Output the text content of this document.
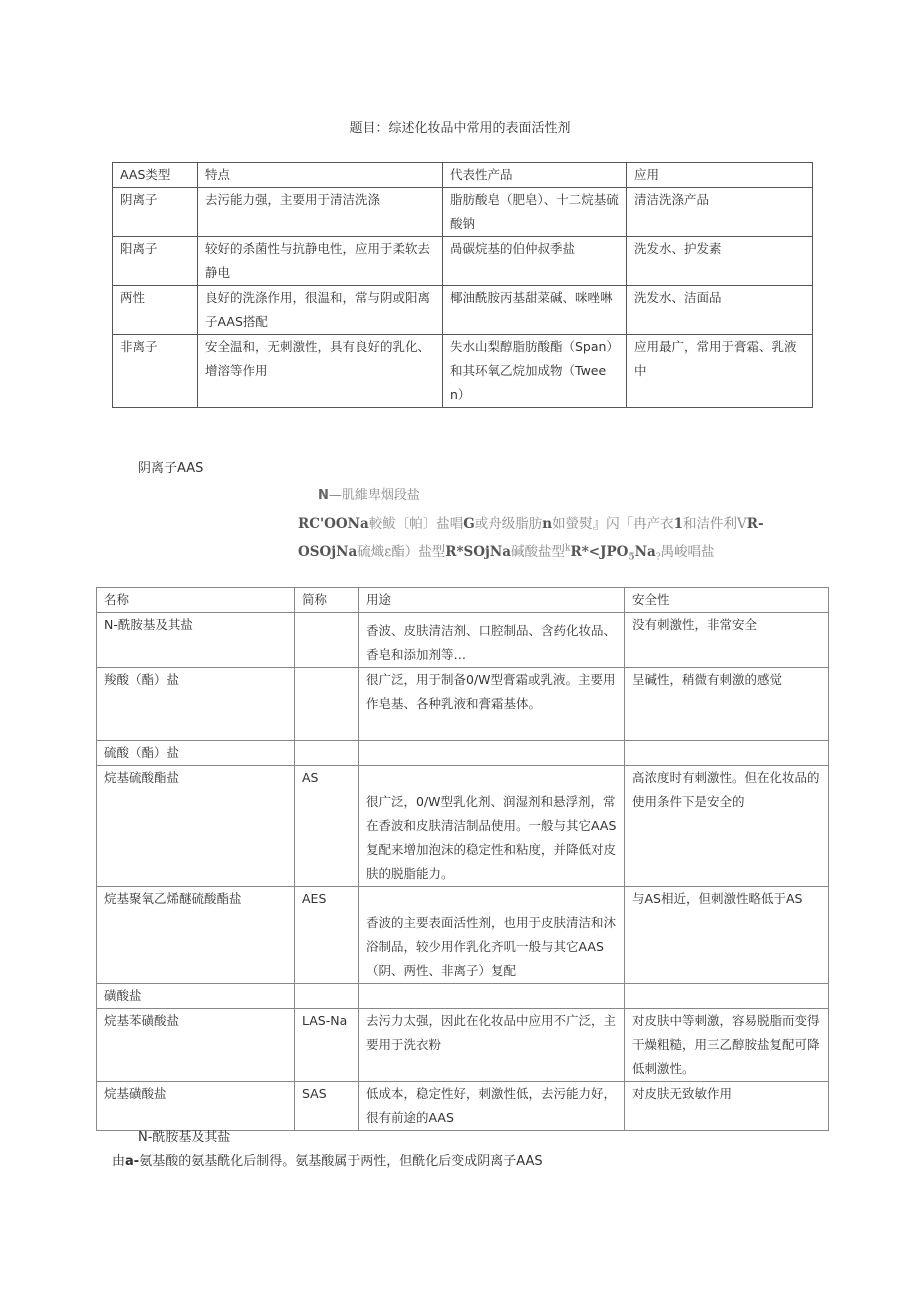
题目：综述化妆品中常用的表面活性剂
AAS类型	特点	代表性产品	应用
阴离子	去污能力强，主要用于清洁洗涤	脂肪酸皂（肥皂）、十二烷基硫酸钠	清洁洗涤产品
阳离子	较好的杀菌性与抗静电性，应用于柔软去静电	咼碳烷基的伯仲叔季盐	洗发水、护发素
两性	良好的洗涤作用，很温和，常与阴或阳离子AAS搭配	椰油酰胺丙基甜菜碱、咪唑啉	洗发水、洁面品
非离子	安全温和，无刺激性，具有良好的乳化、增溶等作用	失水山梨醇脂肪酸酯（Span）和其环氧乙烷加成物（Tween）	应用最广，常用于膏霜、乳液中
阴离子AAS
N—肌維卑烟段盐
RC'OONa較鲅〔帕〕盐唱G或舟级脂肪n如螢熨』闪「冉产衣1和洁件利VR-
OSOjNa硫熾ε酯）盐型R*SOjNa碱酸盐型$^kR*<JPO_5Na_?$禺峻唱盐
名称	简称	用途	安全性
N-酰胺基及其盐		香波、皮肤清洁剂、口腔制品、含药化妆品、香皂和添加剂等…	没有刺激性，非常安全
羧酸（酯）盐		很广泛，用于制备0/W型膏霜或乳液。主要用作皂基、各种乳液和膏霜基体。	呈碱性，稍微有刺激的感觉
硫酸（酯）盐			
烷基硫酸酯盐	AS	很广泛，0/W型乳化剂、润湿剂和悬浮剂，常在香波和皮肤清洁制品使用。一般与其它AAS复配来增加泡沫的稳定性和粘度，并降低对皮肤的脱脂能力。	高浓度时有刺激性。但在化妆品的使用条件下是安全的
烷基聚氧乙烯醚硫酸酯盐	AES	香波的主要表面活性剂，也用于皮肤清洁和沐浴制品，较少用作乳化齐叽一般与其它AAS（阴、两性、非离子）复配	与AS相近，但刺激性略低于AS
磺酸盐			
烷基苯磺酸盐	LAS-Na	去污力太强，因此在化妆品中应用不广泛，主要用于洗衣粉	对皮肤中等刺激，容易脱脂而变得干燥粗糙，用三乙醇胺盐复配可降低刺激性。
烷基磺酸盐	SAS	低成本，稳定性好，刺激性低，去污能力好，很有前途的AAS	对皮肤无致敏作用
N-酰胺基及其盐
由a-氨基酸的氨基酰化后制得。氨基酸属于两性，但酰化后变成阴离子AAS
